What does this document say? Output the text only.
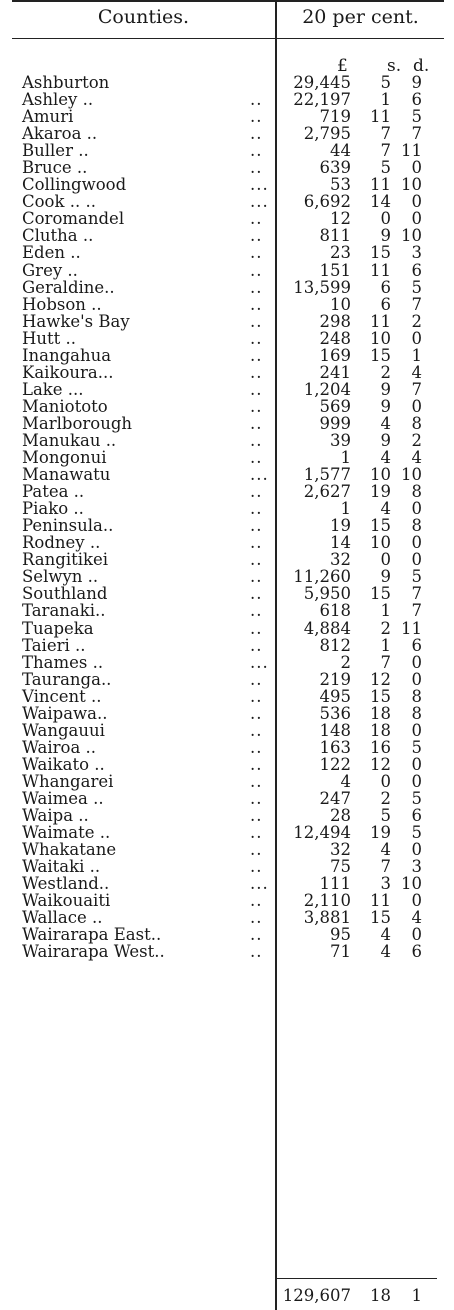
Counties.	20 per cent.
£ s. d.
Ashburton	29,445 5 9
Ashley ..	.. 22,197 1 6
Amuri	..	719 11 5
Akaroa ..	..	2,795 7 7
Buller ..	..	44 7 11
Bruce ..	..	639 5 0
Collingwood	...	53 11 10
Cook .. ..	... 6,692 14 0
Coromandel	..	12 0 0
Clutha ..	..	811 9 10
Eden ..	..	23 15 3
Grey ..	..	151 11 6
Geraldine..	.. 13,599 6 5
Hobson ..	..	10 6 7
Hawke's Bay	..	298 11 2
Hutt ..	..	248 10 0
Inangahua	..	169 15 1
Kaikoura...	..	241 2 4
Lake ...	..	1,204 9 7
Maniototo	..	569 9 0
Marlborough	..	999 4 8
Manukau ..	..	39 9 2
Mongonui	..	1 4 4
Manawatu	... 1,577 10 10
Patea ..	..	2,627 19 8
Piako ..	..	1 4 0
Peninsula..	..	19 15 8
Rodney ..	..	14 10 0
Rangitikei	..	32 0 0
Selwyn ..	.. 11,260 9 5
Southland	..	5,950 15 7
Taranaki..	..	618 1 7
Tuapeka	..	4,884 2 11
Taieri ..	..	812 1 6
Thames ..	...	2 7 0
Tauranga..	..	219 12 0
Vincent ..	..	495 15 8
Waipawa..	..	536 18 8
Wangauui	..	148 18 0
Wairoa ..	..	163 16 5
Waikato ..	..	122 12 0
Whangarei	..	4 0 0
Waimea ..	..	247 2 5
Waipa ..	..	28 5 6
Waimate ..	.. 12,494 19 5
Whakatane	..	32 4 0
Waitaki ..	..	75 7 3
Westland..	...	111 3 10
Waikouaiti	..	2,110 11 0
Wallace ..	..	3,881 15 4
Wairarapa East..	..	95 4 0
Wairarapa West..	..	71 4 6
129,607 18 1
